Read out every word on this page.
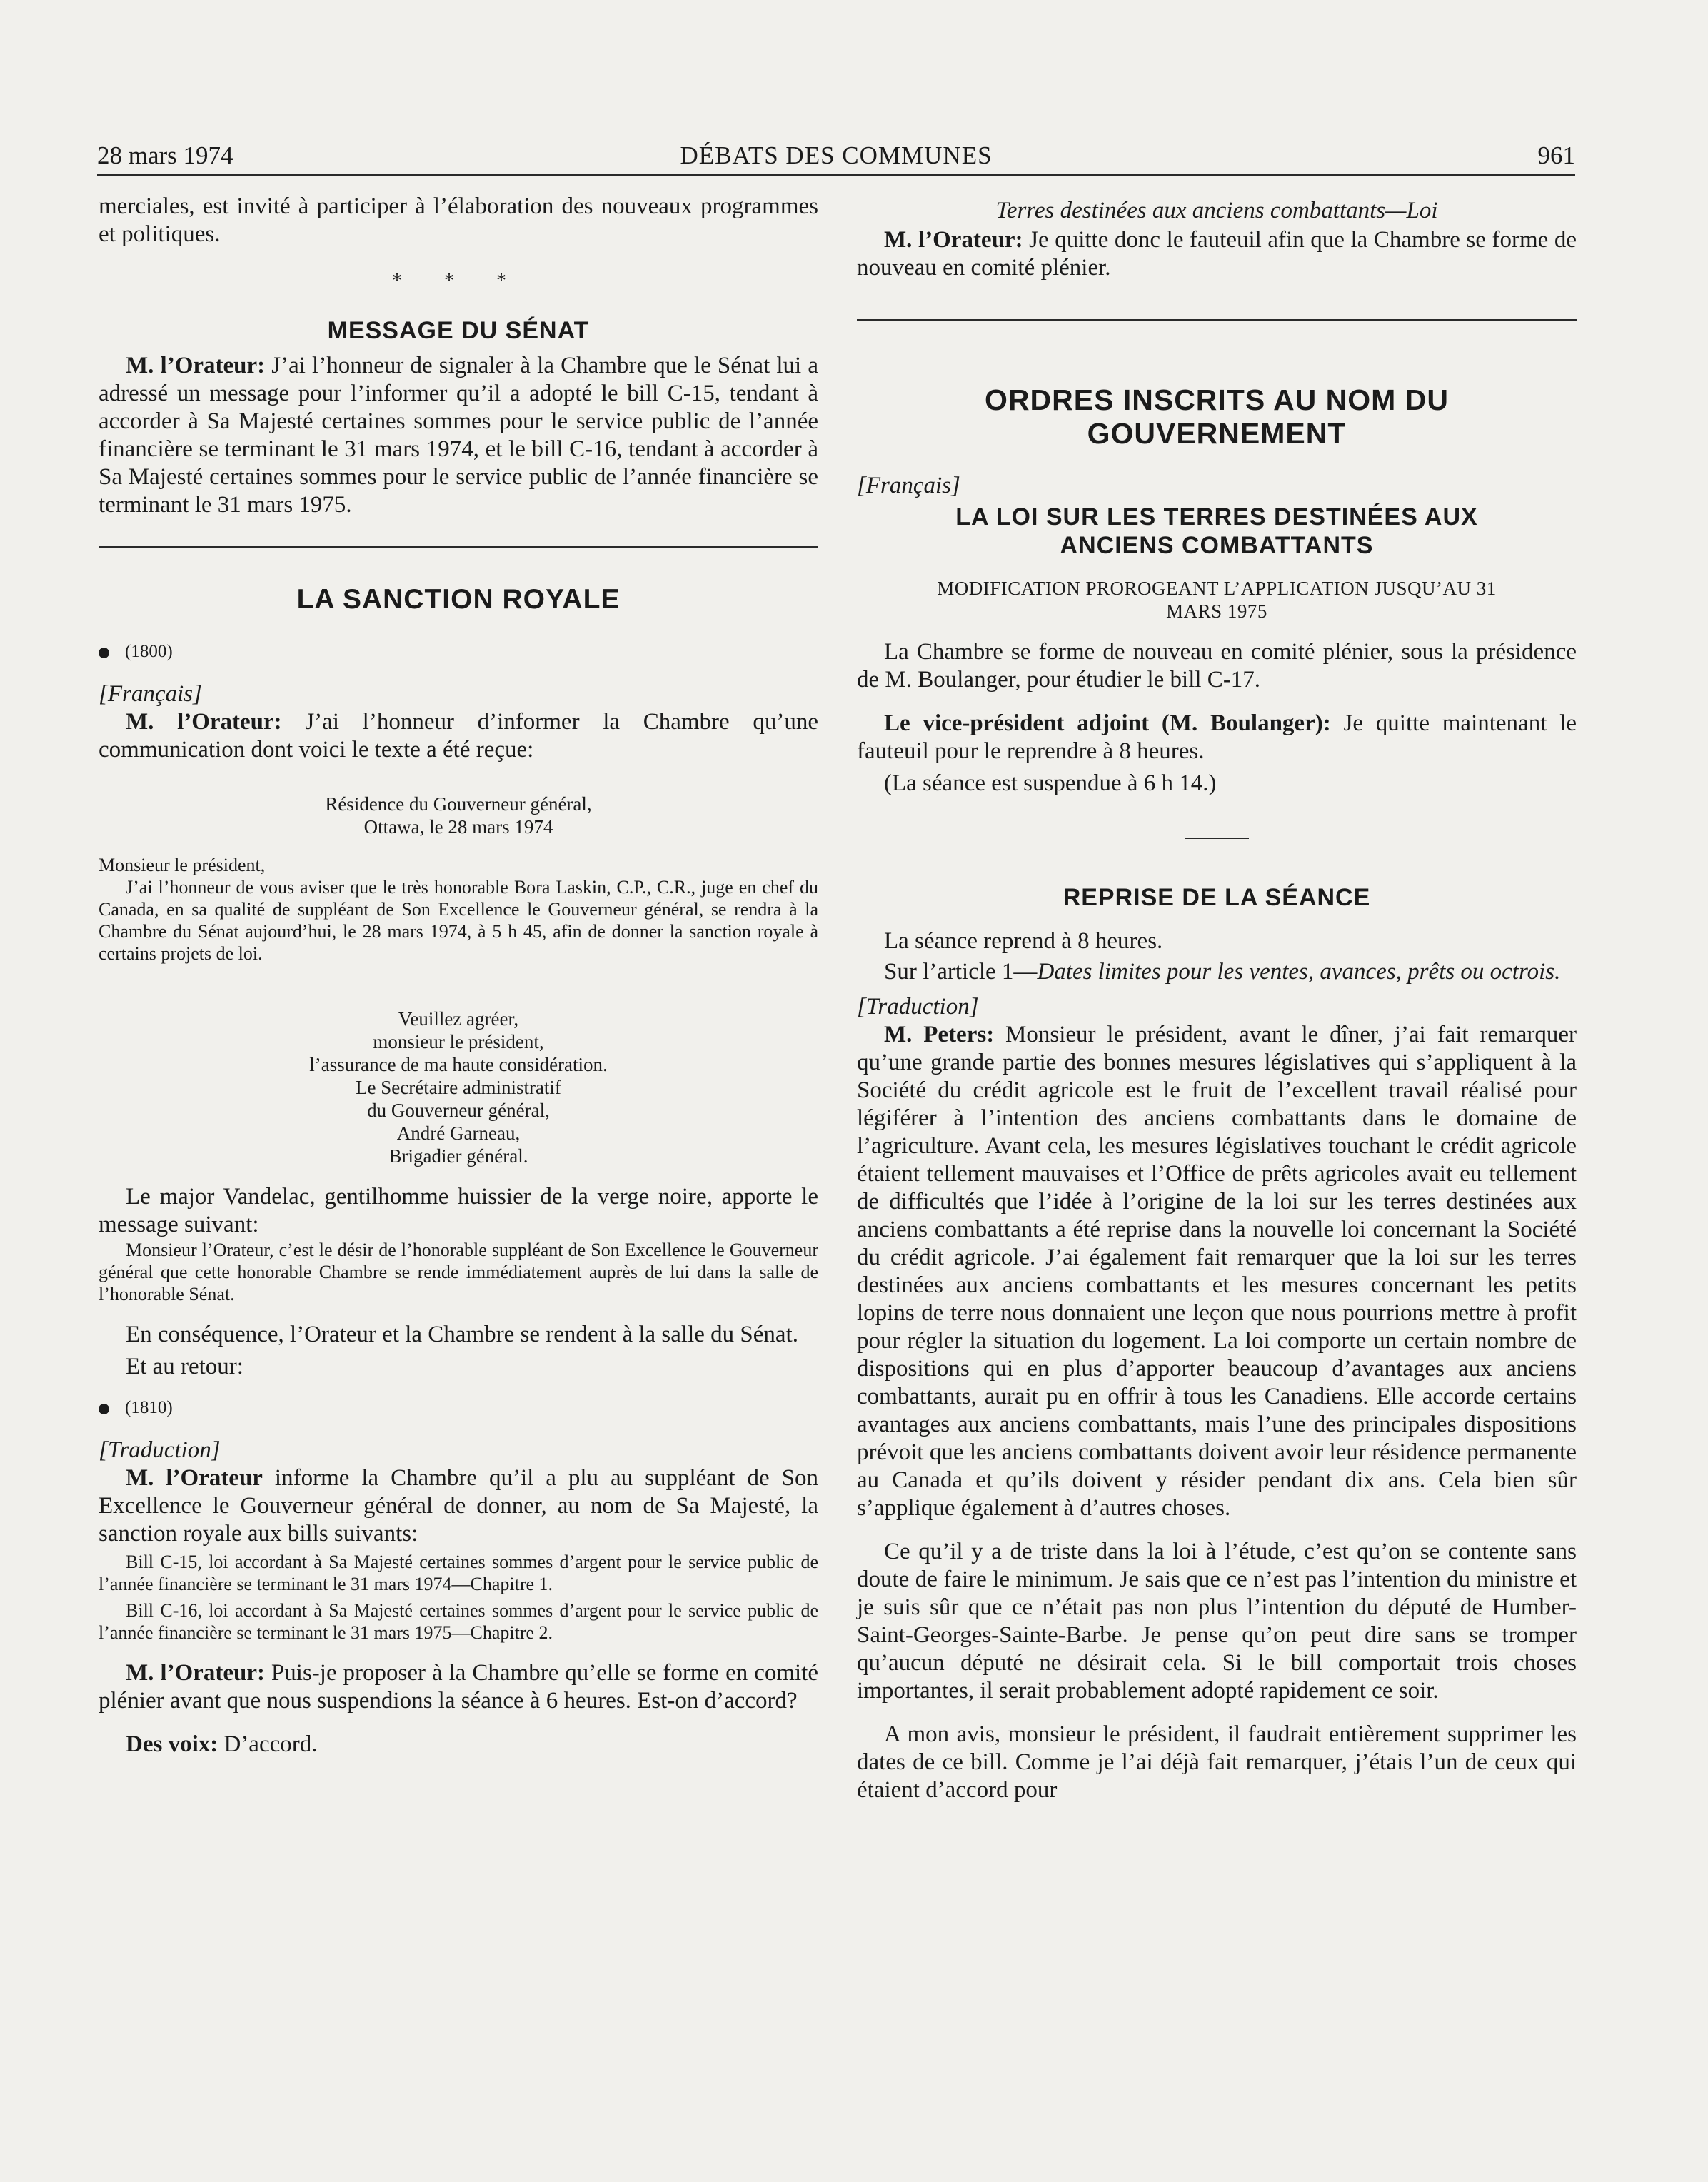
28 mars 1974	DÉBATS DES COMMUNES	961

merciales, est invité à participer à l’élaboration des nouveaux programmes et politiques.

* * *
MESSAGE DU SÉNAT

M. l’Orateur: J’ai l’honneur de signaler à la Chambre que le Sénat lui a adressé un message pour l’informer qu’il a adopté le bill C-15, tendant à accorder à Sa Majesté certaines sommes pour le service public de l’année financière se terminant le 31 mars 1974, et le bill C-16, tendant à accorder à Sa Majesté certaines sommes pour le service public de l’année financière se terminant le 31 mars 1975.

LA SANCTION ROYALE
(1800)

[Français]

M. l’Orateur: J’ai l’honneur d’informer la Chambre qu’une communication dont voici le texte a été reçue:

Résidence du Gouverneur général,
Ottawa, le 28 mars 1974

Monsieur le président,

J’ai l’honneur de vous aviser que le très honorable Bora Laskin, C.P., C.R., juge en chef du Canada, en sa qualité de suppléant de Son Excellence le Gouverneur général, se rendra à la Chambre du Sénat aujourd’hui, le 28 mars 1974, à 5 h 45, afin de donner la sanction royale à certains projets de loi.

Veuillez agréer,
monsieur le président,
l’assurance de ma haute considération.
Le Secrétaire administratif
du Gouverneur général,
André Garneau,
Brigadier général.

Le major Vandelac, gentilhomme huissier de la verge noire, apporte le message suivant:

Monsieur l’Orateur, c’est le désir de l’honorable suppléant de Son Excellence le Gouverneur général que cette honorable Chambre se rende immédiatement auprès de lui dans la salle de l’honorable Sénat.

En conséquence, l’Orateur et la Chambre se rendent à la salle du Sénat.

Et au retour:

(1810)

[Traduction]

M. l’Orateur informe la Chambre qu’il a plu au suppléant de Son Excellence le Gouverneur général de donner, au nom de Sa Majesté, la sanction royale aux bills suivants:

Bill C-15, loi accordant à Sa Majesté certaines sommes d’argent pour le service public de l’année financière se terminant le 31 mars 1974—Chapitre 1.

Bill C-16, loi accordant à Sa Majesté certaines sommes d’argent pour le service public de l’année financière se terminant le 31 mars 1975—Chapitre 2.

M. l’Orateur: Puis-je proposer à la Chambre qu’elle se forme en comité plénier avant que nous suspendions la séance à 6 heures. Est-on d’accord?

Des voix: D’accord.

Terres destinées aux anciens combattants—Loi

M. l’Orateur: Je quitte donc le fauteuil afin que la Chambre se forme de nouveau en comité plénier.

ORDRES INSCRITS AU NOM DU
GOUVERNEMENT

[Français]

LA LOI SUR LES TERRES DESTINÉES AUX
ANCIENS COMBATTANTS
MODIFICATION PROROGEANT L’APPLICATION JUSQU’AU 31
MARS 1975

La Chambre se forme de nouveau en comité plénier, sous la présidence de M. Boulanger, pour étudier le bill C-17.

Le vice-président adjoint (M. Boulanger): Je quitte maintenant le fauteuil pour le reprendre à 8 heures.

(La séance est suspendue à 6 h 14.)

REPRISE DE LA SÉANCE

La séance reprend à 8 heures.

Sur l’article 1—Dates limites pour les ventes, avances, prêts ou octrois.

[Traduction]

M. Peters: Monsieur le président, avant le dîner, j’ai fait remarquer qu’une grande partie des bonnes mesures législatives qui s’appliquent à la Société du crédit agricole est le fruit de l’excellent travail réalisé pour légiférer à l’intention des anciens combattants dans le domaine de l’agriculture. Avant cela, les mesures législatives touchant le crédit agricole étaient tellement mauvaises et l’Office de prêts agricoles avait eu tellement de difficultés que l’idée à l’origine de la loi sur les terres destinées aux anciens combattants a été reprise dans la nouvelle loi concernant la Société du crédit agricole. J’ai également fait remarquer que la loi sur les terres destinées aux anciens combattants et les mesures concernant les petits lopins de terre nous donnaient une leçon que nous pourrions mettre à profit pour régler la situation du logement. La loi comporte un certain nombre de dispositions qui en plus d’apporter beaucoup d’avantages aux anciens combattants, aurait pu en offrir à tous les Canadiens. Elle accorde certains avantages aux anciens combattants, mais l’une des principales dispositions prévoit que les anciens combattants doivent avoir leur résidence permanente au Canada et qu’ils doivent y résider pendant dix ans. Cela bien sûr s’applique également à d’autres choses.

Ce qu’il y a de triste dans la loi à l’étude, c’est qu’on se contente sans doute de faire le minimum. Je sais que ce n’est pas l’intention du ministre et je suis sûr que ce n’était pas non plus l’intention du député de Humber-Saint-Georges-Sainte-Barbe. Je pense qu’on peut dire sans se tromper qu’aucun député ne désirait cela. Si le bill comportait trois choses importantes, il serait probablement adopté rapidement ce soir.

A mon avis, monsieur le président, il faudrait entièrement supprimer les dates de ce bill. Comme je l’ai déjà fait remarquer, j’étais l’un de ceux qui étaient d’accord pour
